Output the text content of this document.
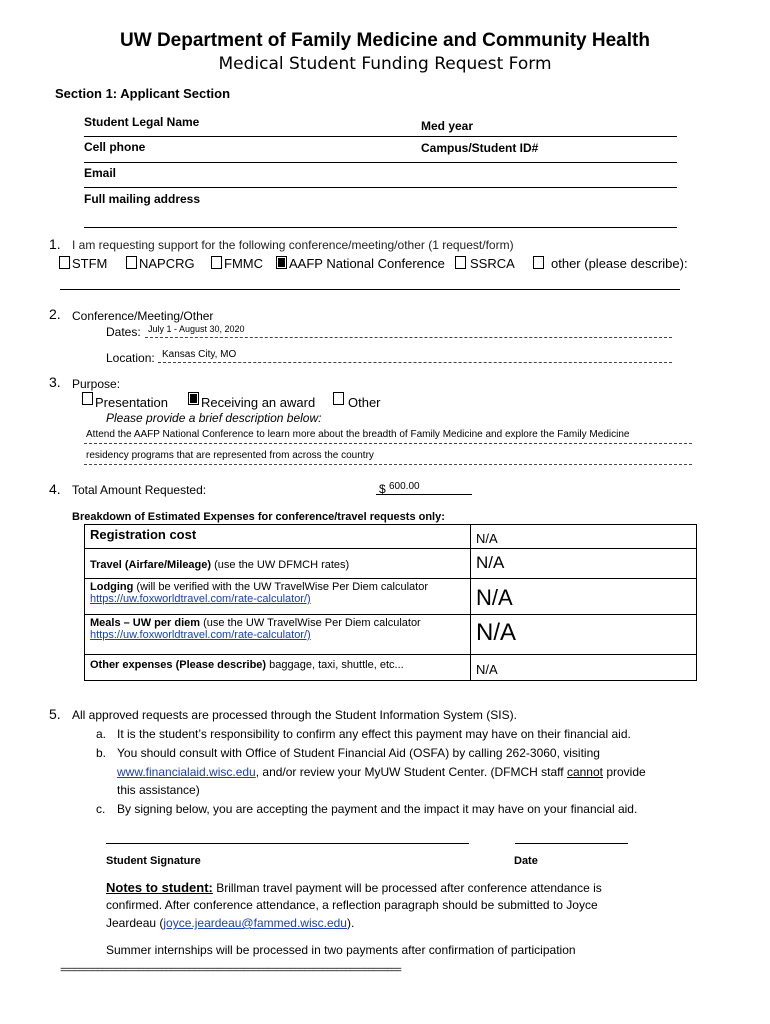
UW Department of Family Medicine and Community Health
Medical Student Funding Request Form
Section 1: Applicant Section
Student Legal Name	Med year
Cell phone	Campus/Student ID#
Email
Full mailing address
1. I am requesting support for the following conference/meeting/other (1 request/form)
STFM NAPCRG FMMC AAFP National Conference SSRCA	other (please describe):
2. Conference/Meeting/Other
Dates: July 1 - August 30, 2020
Location: Kansas City, MO
3. Purpose:
Presentation	Receiving an award	Other
Please provide a brief description below:
Attend the AAFP National Conference to learn more about the breadth of Family Medicine and explore the Family Medicine
residency programs that are represented from across the country
4. Total Amount Requested:	$ 600.00
Breakdown of Estimated Expenses for conference/travel requests only:
Registration cost	N/A
Travel (Airfare/Mileage) (use the UW DFMCH rates)	N/A
Lodging (will be verified with the UW TravelWise Per Diem calculator
https://uw.foxworldtravel.com/rate-calculator/)	N/A
Meals – UW per diem (use the UW TravelWise Per Diem calculator
https://uw.foxworldtravel.com/rate-calculator/)	N/A
Other expenses (Please describe) baggage, taxi, shuttle, etc...	N/A
5. All approved requests are processed through the Student Information System (SIS).
a. It is the student’s responsibility to confirm any effect this payment may have on their financial aid.
b. You should consult with Office of Student Financial Aid (OSFA) by calling 262-3060, visiting
www.financialaid.wisc.edu, and/or review your MyUW Student Center. (DFMCH staff cannot provide
this assistance)
c. By signing below, you are accepting the payment and the impact it may have on your financial aid.
Student Signature	Date
Notes to student: Brillman travel payment will be processed after conference attendance is
confirmed. After conference attendance, a reflection paragraph should be submitted to Joyce
Jeardeau (joyce.jeardeau@fammed.wisc.edu).
Summer internships will be processed in two payments after confirmation of participation
==========================================================================
